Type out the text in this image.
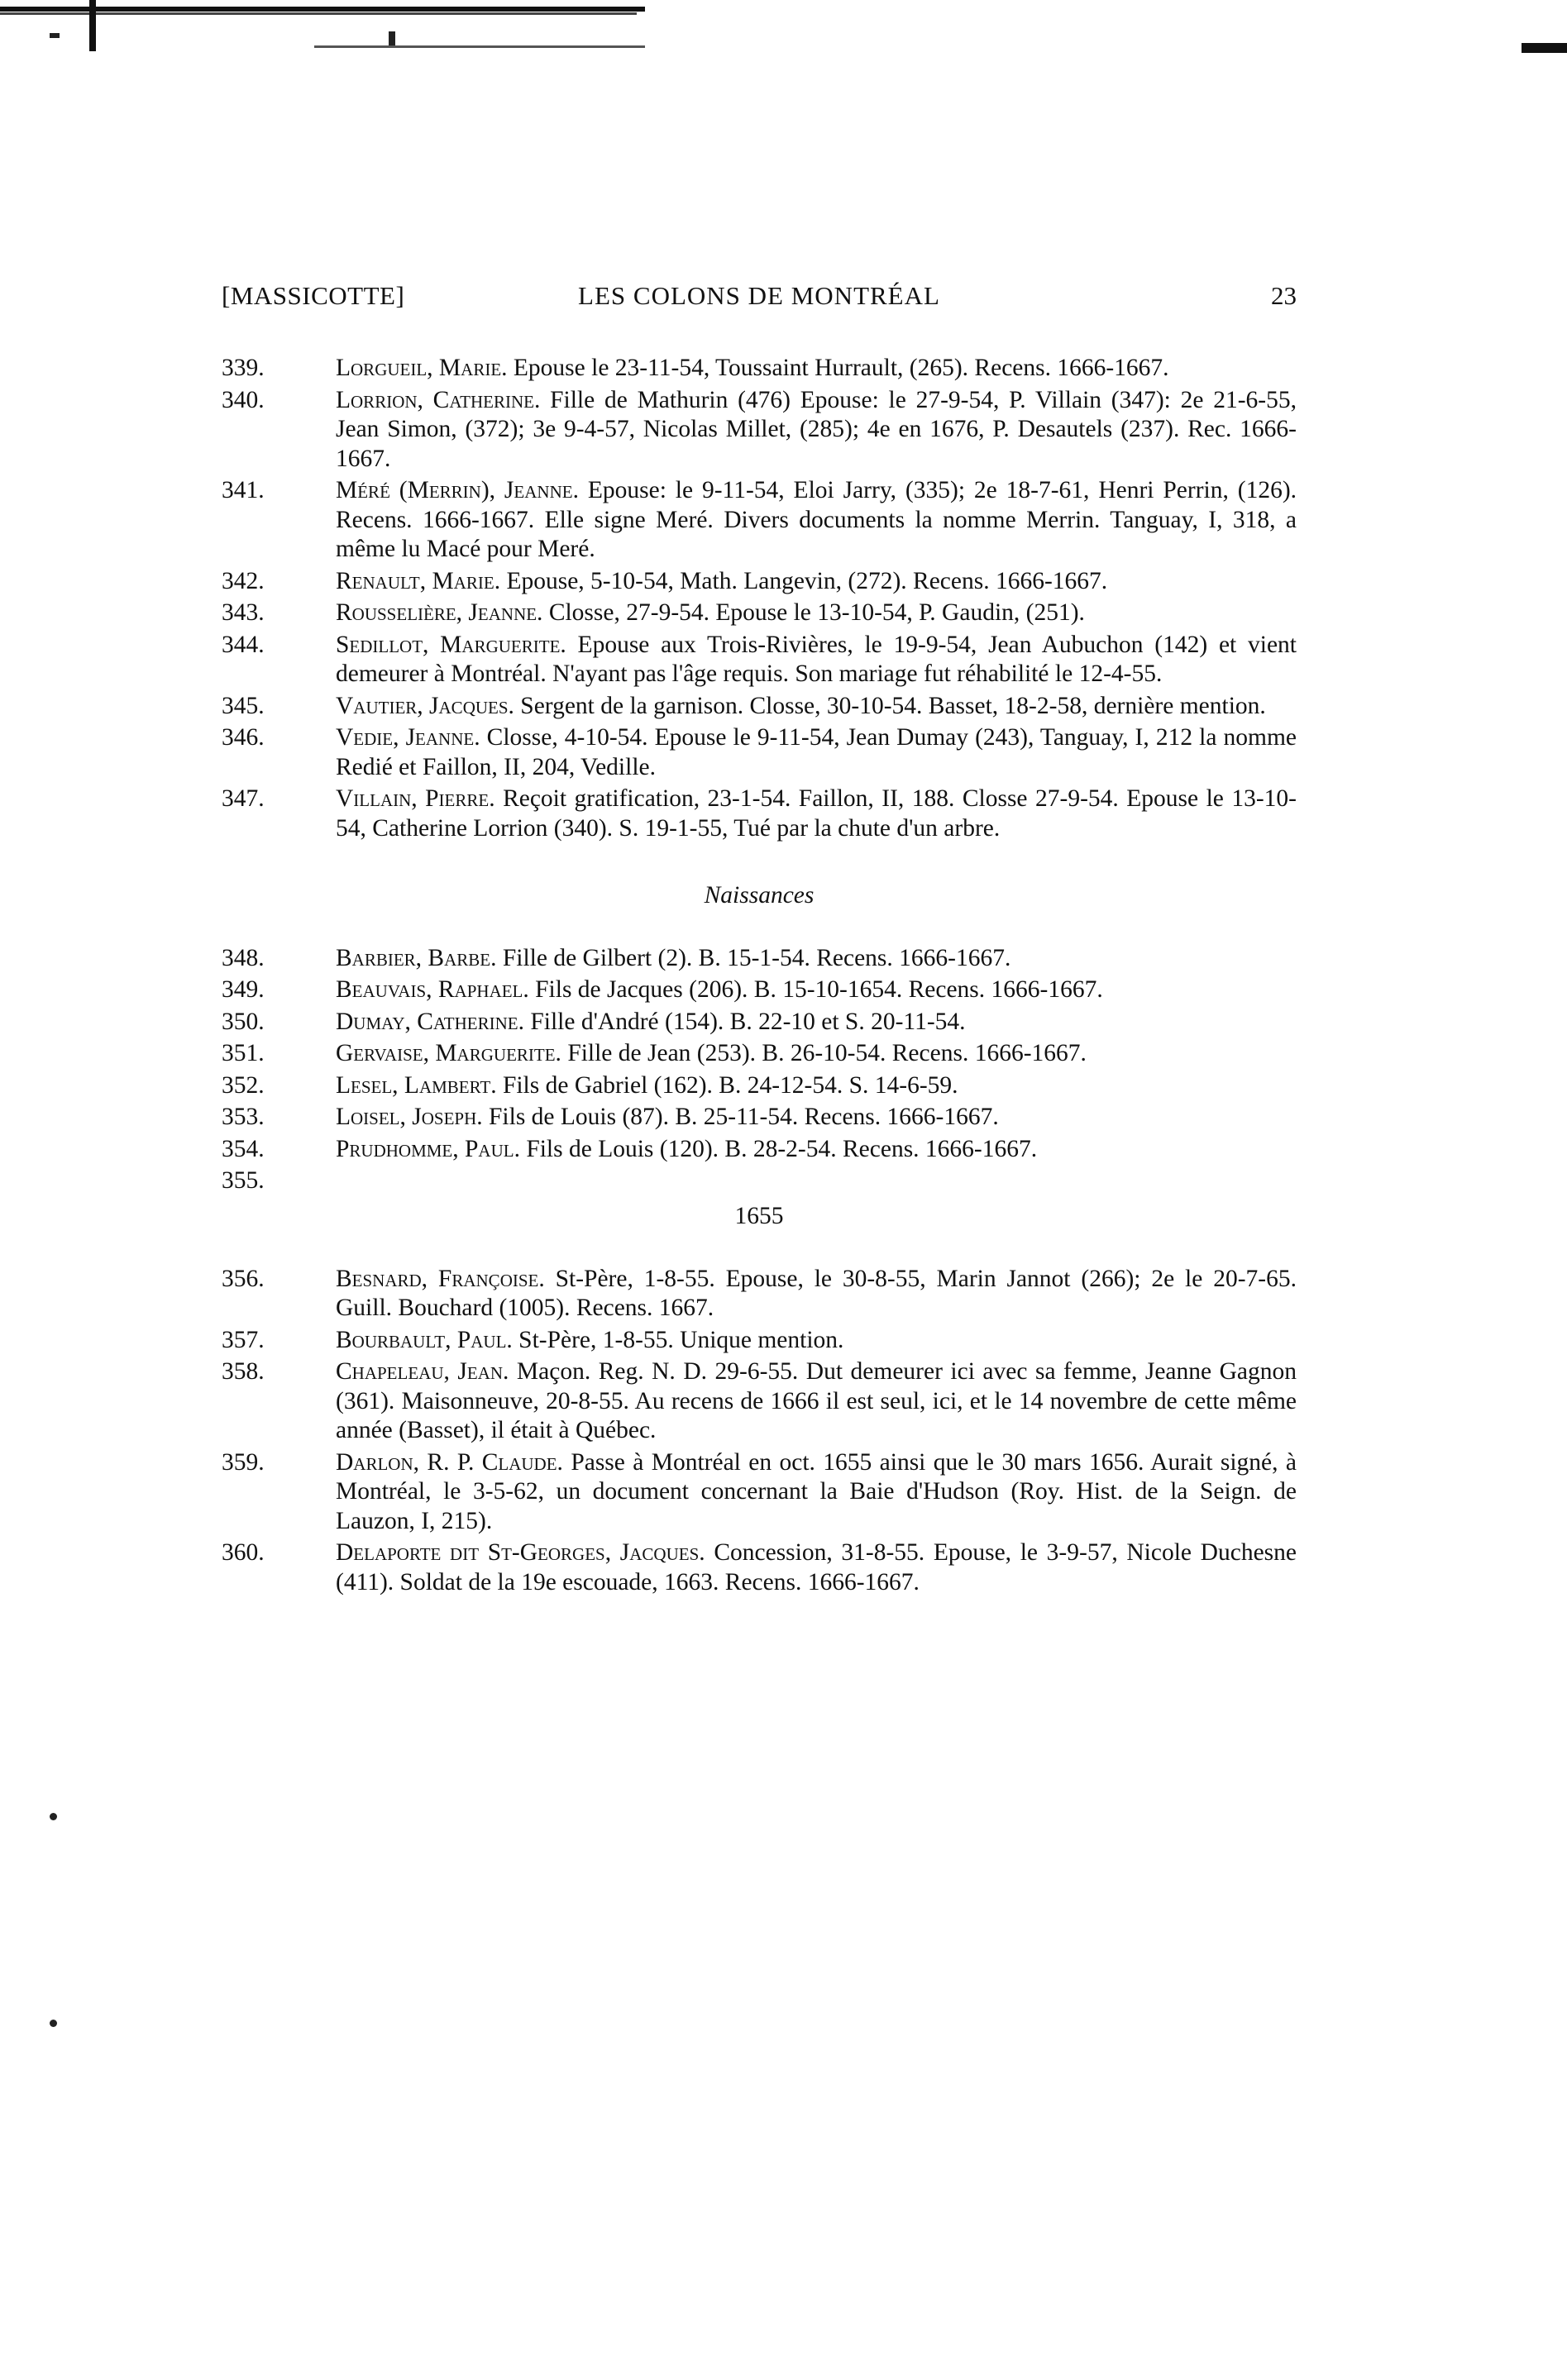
[MASSICOTTE]	LES COLONS DE MONTRÉAL	23
339.	Lorgueil, Marie. Epouse le 23-11-54, Toussaint Hurrault, (265). Recens. 1666-1667.
340.	Lorrion, Catherine. Fille de Mathurin (476) Epouse: le 27-9-54, P. Villain (347): 2e 21-6-55, Jean Simon, (372); 3e 9-4-57, Nicolas Millet, (285); 4e en 1676, P. Desautels (237). Rec. 1666-1667.
341.	Méré (Merrin), Jeanne. Epouse: le 9-11-54, Eloi Jarry, (335); 2e 18-7-61, Henri Perrin, (126). Recens. 1666-1667. Elle signe Meré. Divers documents la nomme Merrin. Tanguay, I, 318, a même lu Macé pour Meré.
342.	Renault, Marie. Epouse, 5-10-54, Math. Langevin, (272). Recens. 1666-1667.
343.	Rousselière, Jeanne. Closse, 27-9-54. Epouse le 13-10-54, P. Gaudin, (251).
344.	Sedillot, Marguerite. Epouse aux Trois-Rivières, le 19-9-54, Jean Aubuchon (142) et vient demeurer à Montréal. N'ayant pas l'âge requis. Son mariage fut réhabilité le 12-4-55.
345.	Vautier, Jacques. Sergent de la garnison. Closse, 30-10-54. Basset, 18-2-58, dernière mention.
346.	Vedie, Jeanne. Closse, 4-10-54. Epouse le 9-11-54, Jean Dumay (243), Tanguay, I, 212 la nomme Redié et Faillon, II, 204, Vedille.
347.	Villain, Pierre. Reçoit gratification, 23-1-54. Faillon, II, 188. Closse 27-9-54. Epouse le 13-10-54, Catherine Lorrion (340). S. 19-1-55, Tué par la chute d'un arbre.
Naissances
348.	Barbier, Barbe. Fille de Gilbert (2). B. 15-1-54. Recens. 1666-1667.
349.	Beauvais, Raphael. Fils de Jacques (206). B. 15-10-1654. Recens. 1666-1667.
350.	Dumay, Catherine. Fille d'André (154). B. 22-10 et S. 20-11-54.
351.	Gervaise, Marguerite. Fille de Jean (253). B. 26-10-54. Recens. 1666-1667.
352.	Lesel, Lambert. Fils de Gabriel (162). B. 24-12-54. S. 14-6-59.
353.	Loisel, Joseph. Fils de Louis (87). B. 25-11-54. Recens. 1666-1667.
354.	Prudhomme, Paul. Fils de Louis (120). B. 28-2-54. Recens. 1666-1667.
355.
1655
356.	Besnard, Françoise. St-Père, 1-8-55. Epouse, le 30-8-55, Marin Jannot (266); 2e le 20-7-65. Guill. Bouchard (1005). Recens. 1667.
357.	Bourbault, Paul. St-Père, 1-8-55. Unique mention.
358.	Chapeleau, Jean. Maçon. Reg. N. D. 29-6-55. Dut demeurer ici avec sa femme, Jeanne Gagnon (361). Maisonneuve, 20-8-55. Au recens de 1666 il est seul, ici, et le 14 novembre de cette même année (Basset), il était à Québec.
359.	Darlon, R. P. Claude. Passe à Montréal en oct. 1655 ainsi que le 30 mars 1656. Aurait signé, à Montréal, le 3-5-62, un document concernant la Baie d'Hudson (Roy. Hist. de la Seign. de Lauzon, I, 215).
360.	Delaporte dit St-Georges, Jacques. Concession, 31-8-55. Epouse, le 3-9-57, Nicole Duchesne (411). Soldat de la 19e escouade, 1663. Recens. 1666-1667.
